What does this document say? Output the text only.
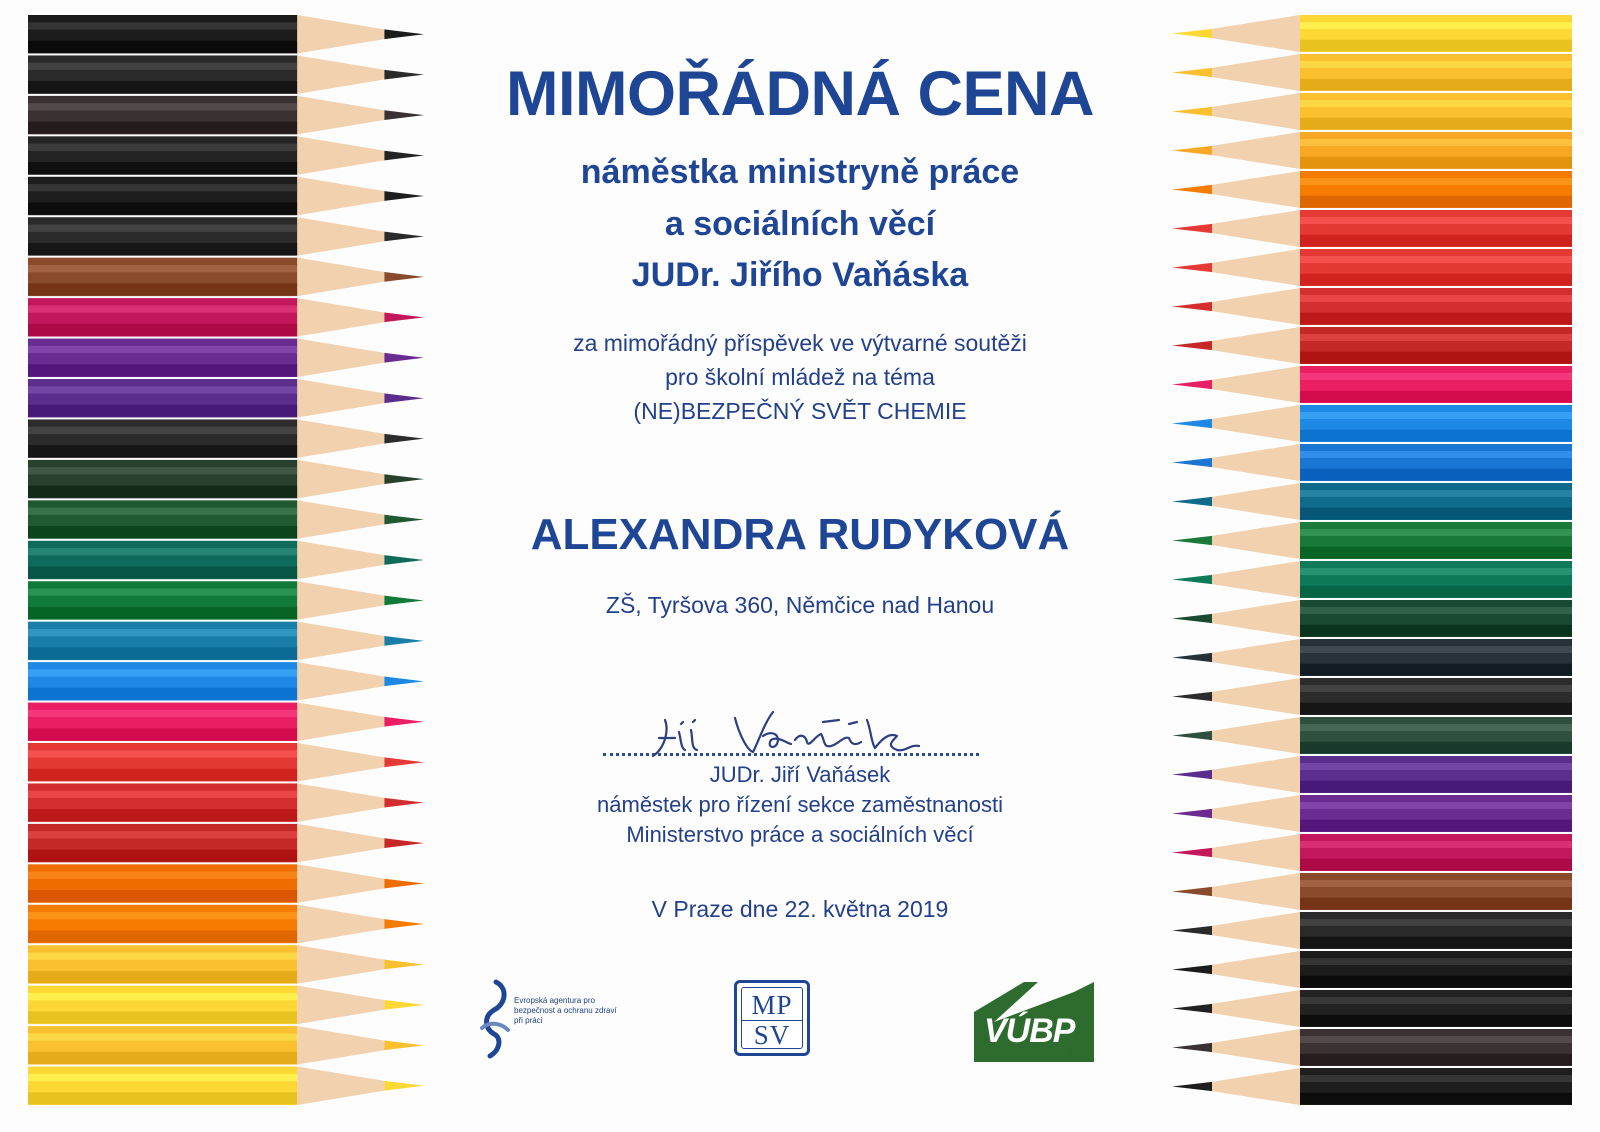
MIMOŘÁDNÁ CENA
náměstka ministryně práce
a sociálních věcí
JUDr. Jiřího Vaňáska
za mimořádný příspěvek ve výtvarné soutěži
pro školní mládež na téma
(NE)BEZPEČNÝ SVĚT CHEMIE
ALEXANDRA RUDYKOVÁ
ZŠ, Tyršova 360, Němčice nad Hanou
JUDr. Jiří Vaňásek
náměstek pro řízení sekce zaměstnanosti
Ministerstvo práce a sociálních věcí
V Praze dne 22. května 2019
Evropská agentura pro bezpečnost a ochranu zdraví při práci
MP
SV	VÚBP
v.v.i.
